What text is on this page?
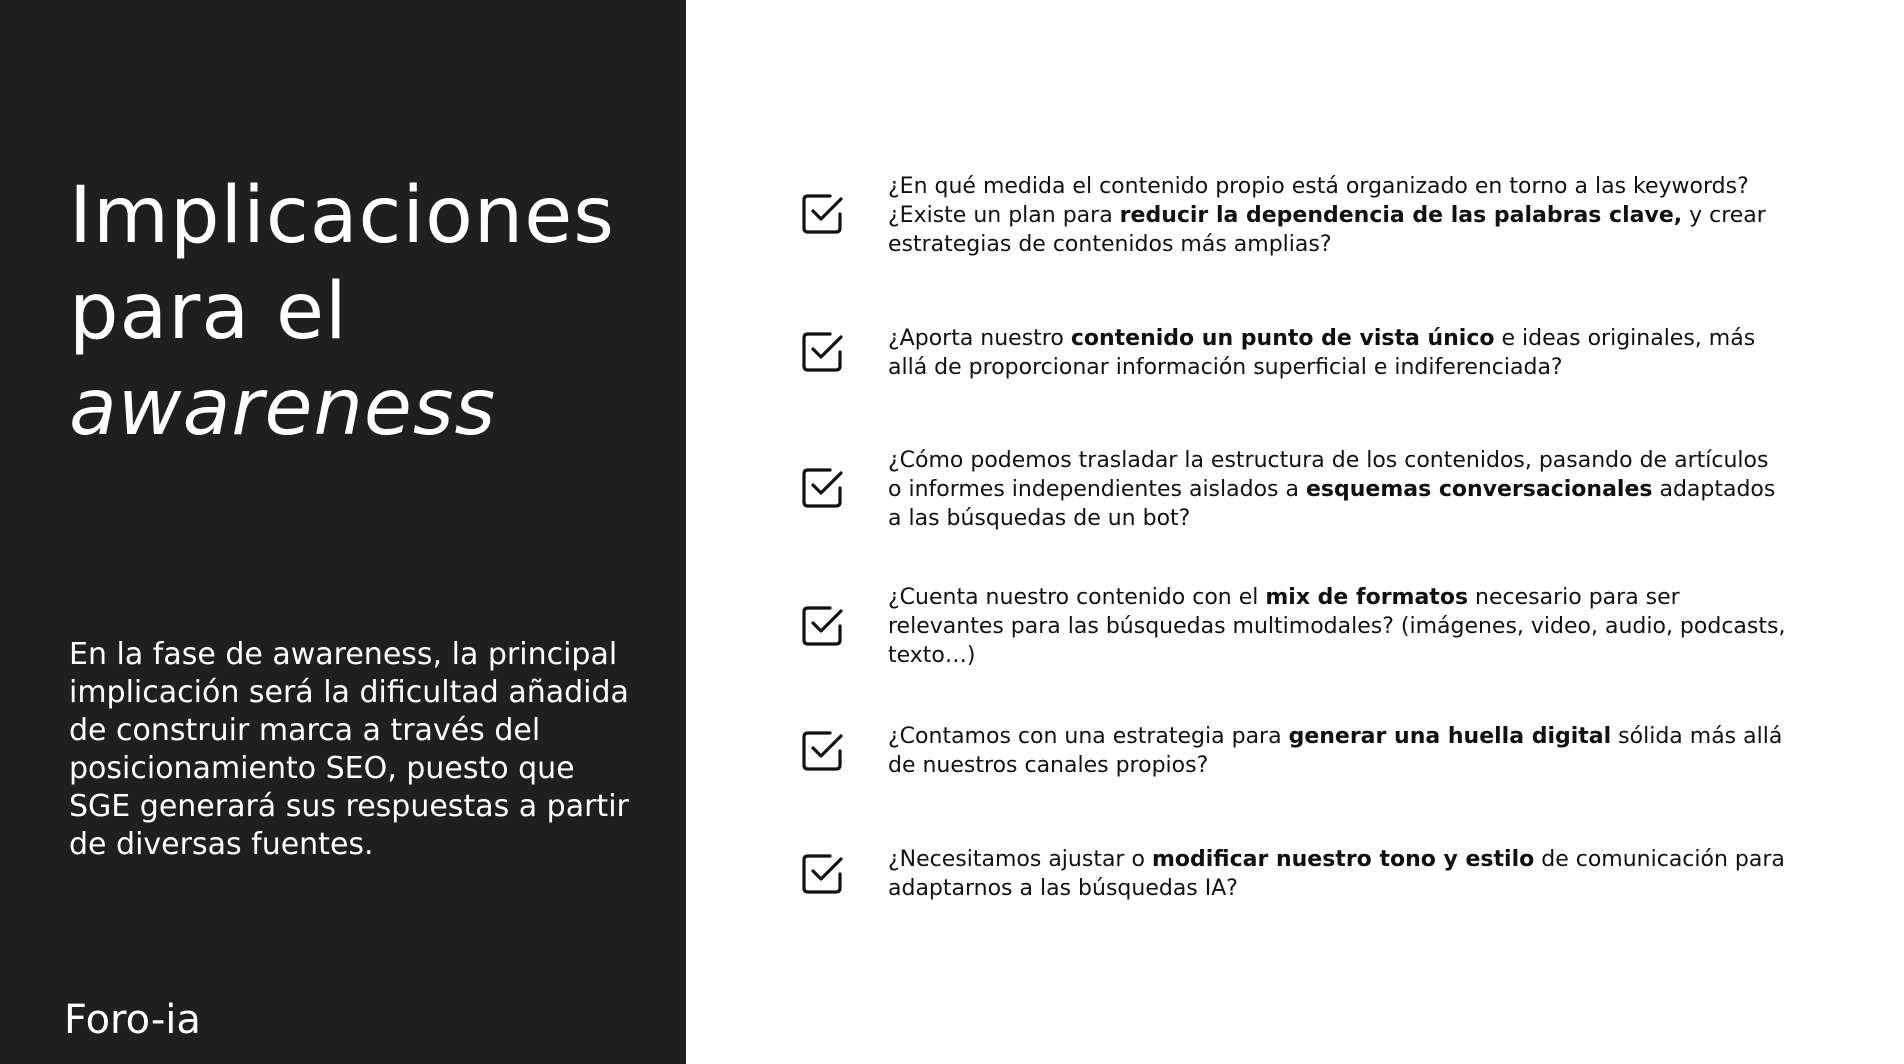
Implicaciones
para el
awareness

En la fase de awareness, la principal implicación será la dificultad añadida de construir marca a través del posicionamiento SEO, puesto que SGE generará sus respuestas a partir de diversas fuentes.

Foro-ia

¿En qué medida el contenido propio está organizado en torno a las keywords? ¿Existe un plan para reducir la dependencia de las palabras clave, y crear estrategias de contenidos más amplias?

¿Aporta nuestro contenido un punto de vista único e ideas originales, más allá de proporcionar información superficial e indiferenciada?

¿Cómo podemos trasladar la estructura de los contenidos, pasando de artículos o informes independientes aislados a esquemas conversacionales adaptados a las búsquedas de un bot?

¿Cuenta nuestro contenido con el mix de formatos necesario para ser relevantes para las búsquedas multimodales? (imágenes, video, audio, podcasts, texto…)

¿Contamos con una estrategia para generar una huella digital sólida más allá de nuestros canales propios?

¿Necesitamos ajustar o modificar nuestro tono y estilo de comunicación para adaptarnos a las búsquedas IA?
